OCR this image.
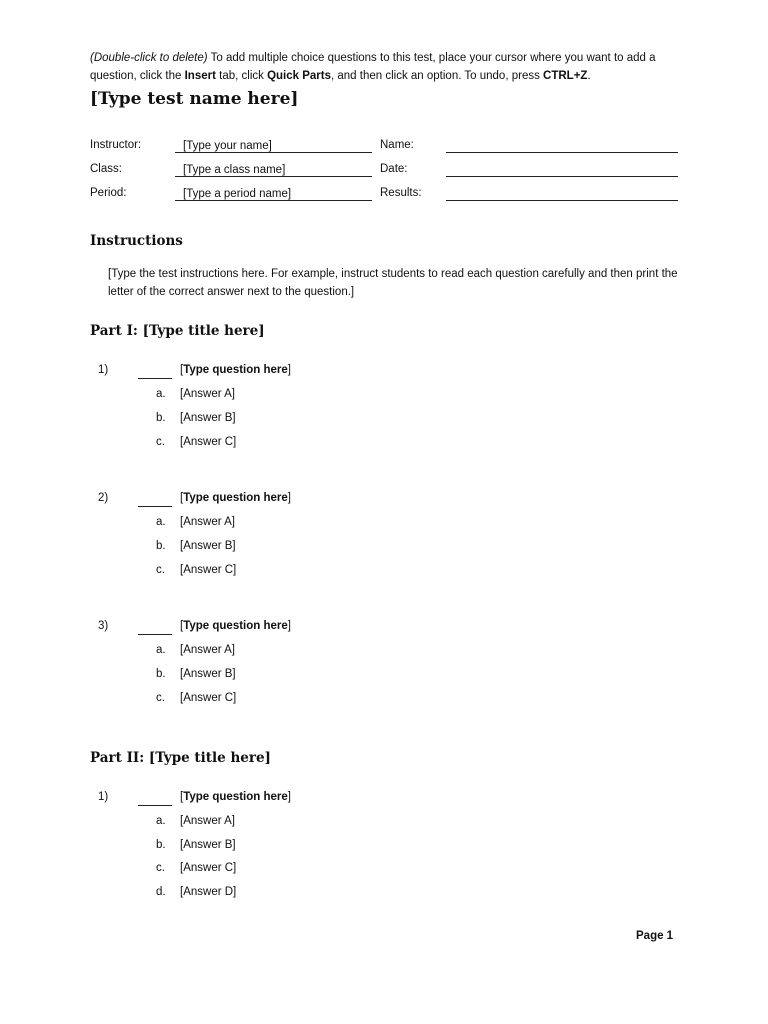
(Double-click to delete) To add multiple choice questions to this test, place your cursor where you want to add a question, click the Insert tab, click Quick Parts, and then click an option. To undo, press CTRL+Z.
[Type test name here]
Instructor:	[Type your name]	Name:
Class:	[Type a class name]	Date:
Period:	[Type a period name]	Results:
Instructions
[Type the test instructions here. For example, instruct students to read each question carefully and then print the letter of the correct answer next to the question.]
Part I: [Type title here]
1)	[Type question here]
a. [Answer A]
b. [Answer B]
c. [Answer C]
2)	[Type question here]
a. [Answer A]
b. [Answer B]
c. [Answer C]
3)	[Type question here]
a. [Answer A]
b. [Answer B]
c. [Answer C]
Part II: [Type title here]
1)	[Type question here]
a. [Answer A]
b. [Answer B]
c. [Answer C]
d. [Answer D]
Page 1
